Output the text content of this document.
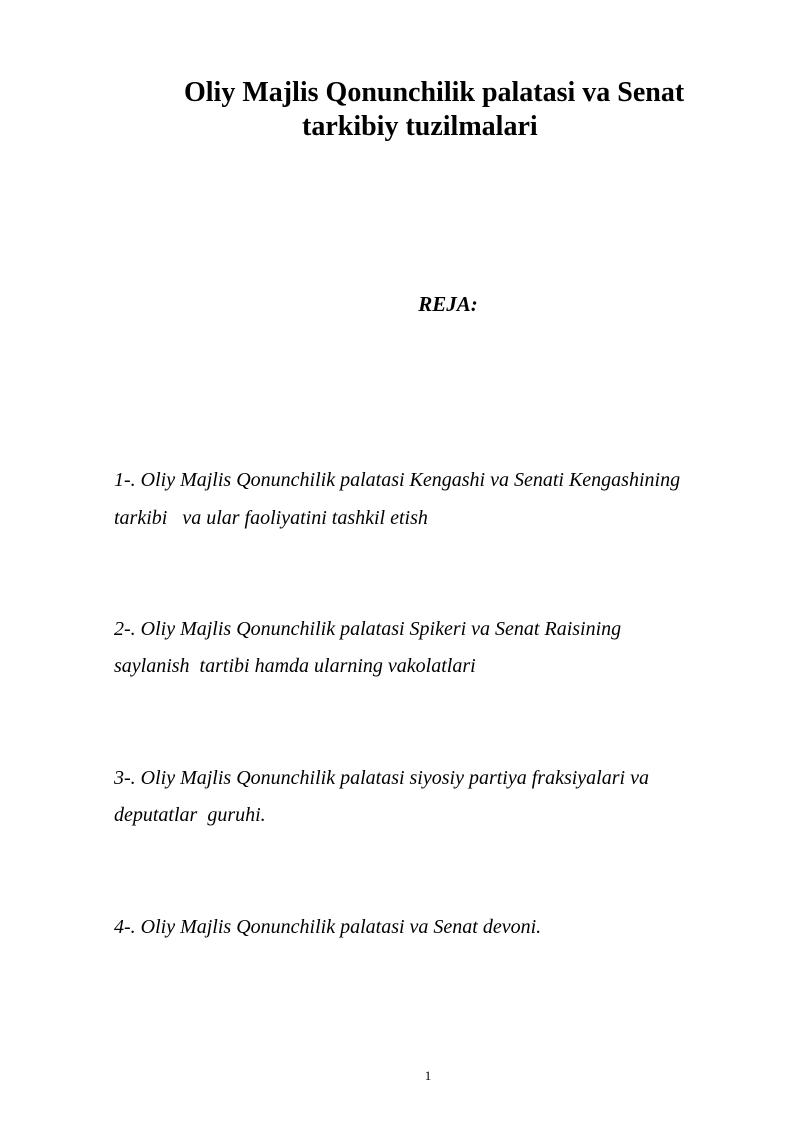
Oliy Majlis Qonunchilik palatasi va Senat
tarkibiy tuzilmalari

REJA:

1-. Oliy Majlis Qonunchilik palatasi Kengashi va Senati Kengashining
tarkibi   va ular faoliyatini tashkil etish

2-. Oliy Majlis Qonunchilik palatasi Spikeri va Senat Raisining
saylanish  tartibi hamda ularning vakolatlari

3-. Oliy Majlis Qonunchilik palatasi siyosiy partiya fraksiyalari va
deputatlar  guruhi.

4-. Oliy Majlis Qonunchilik palatasi va Senat devoni.

1
